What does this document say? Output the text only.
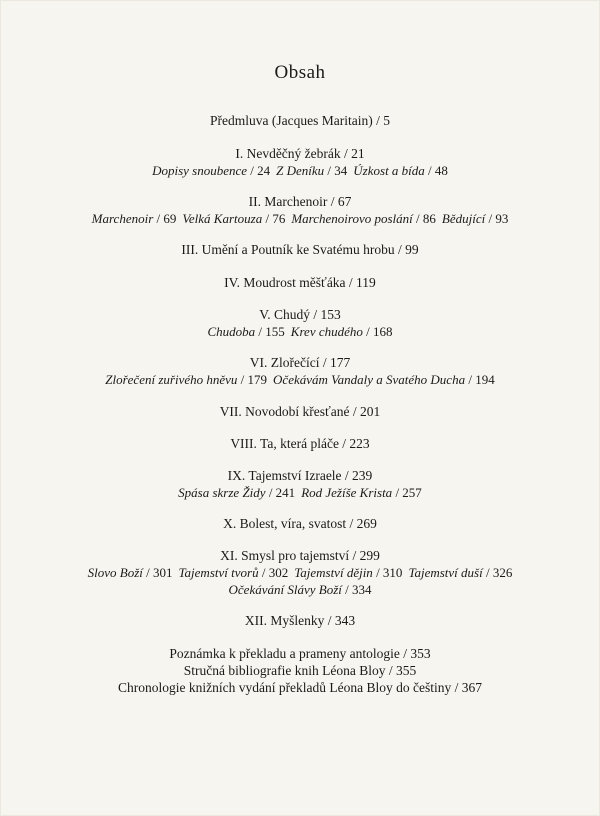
Obsah
Předmluva (Jacques Maritain) / 5
I. Nevděčný žebrák / 21
Dopisy snoubence / 24 Z Deníku / 34 Úzkost a bída / 48
II. Marchenoir / 67
Marchenoir / 69 Velká Kartouza / 76 Marchenoirovo poslání / 86 Bědující / 93
III. Umění a Poutník ke Svatému hrobu / 99
IV. Moudrost měšťáka / 119
V. Chudý / 153
Chudoba / 155 Krev chudého / 168
VI. Zlořečící / 177
Zlořečení zuřivého hněvu / 179 Očekávám Vandaly a Svatého Ducha / 194
VII. Novodobí křesťané / 201
VIII. Ta, která pláče / 223
IX. Tajemství Izraele / 239
Spása skrze Židy / 241 Rod Ježíše Krista / 257
X. Bolest, víra, svatost / 269
XI. Smysl pro tajemství / 299
Slovo Boží / 301 Tajemství tvorů / 302 Tajemství dějin / 310 Tajemství duší / 326
Očekávání Slávy Boží / 334
XII. Myšlenky / 343
Poznámka k překladu a prameny antologie / 353
Stručná bibliografie knih Léona Bloy / 355
Chronologie knižních vydání překladů Léona Bloy do češtiny / 367
